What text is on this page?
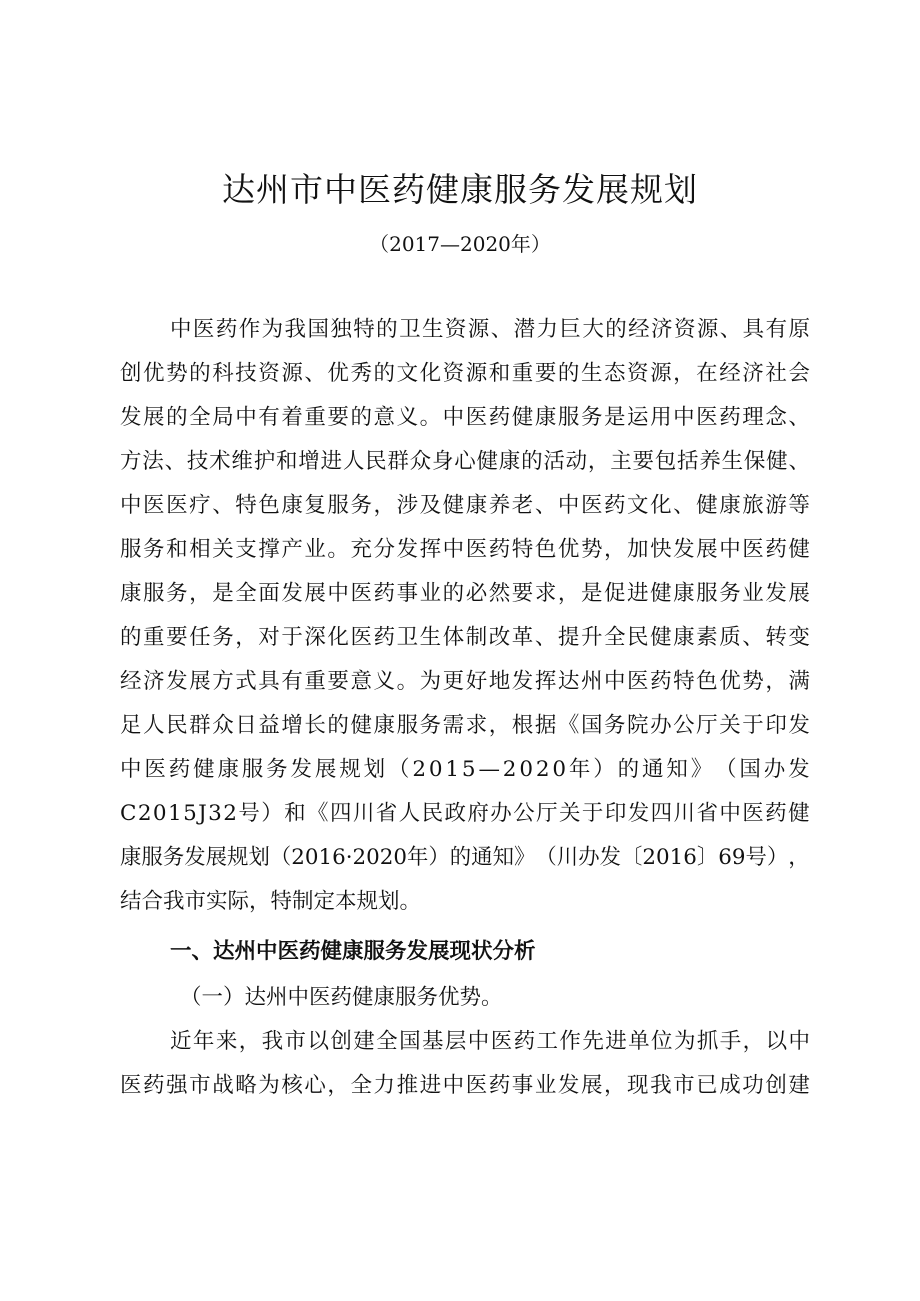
达州市中医药健康服务发展规划
（2017—2020年）
中 医 药 作 为 我 国 独 特 的 卫 生 资 源 、 潜 力 巨 大 的 经 济 资 源 、 具 有 原
创 优 势 的 科 技 资 源 、 优 秀 的 文 化 资 源 和 重 要 的 生 态 资 源 ， 在 经 济 社 会
发 展 的 全 局 中 有 着 重 要 的 意 义 。 中 医 药 健 康 服 务 是 运 用 中 医 药 理 念 、
方 法 、 技 术 维 护 和 增 进 人 民 群 众 身 心 健 康 的 活 动 ， 主 要 包 括 养 生 保 健 、
中 医 医 疗 、 特 色 康 复 服 务 ， 涉 及 健 康 养 老 、 中 医 药 文 化 、 健 康 旅 游 等
服 务 和 相 关 支 撑 产 业 。 充 分 发 挥 中 医 药 特 色 优 势 ， 加 快 发 展 中 医 药 健
康 服 务 ， 是 全 面 发 展 中 医 药 事 业 的 必 然 要 求 ， 是 促 进 健 康 服 务 业 发 展
的 重 要 任 务 ， 对 于 深 化 医 药 卫 生 体 制 改 革 、 提 升 全 民 健 康 素 质 、 转 变
经 济 发 展 方 式 具 有 重 要 意 义 。 为 更 好 地 发 挥 达 州 中 医 药 特 色 优 势 ， 满
足 人 民 群 众 日 益 增 长 的 健 康 服 务 需 求 ， 根 据 《 国 务 院 办 公 厅 关 于 印 发
中 医 药 健 康 服 务 发 展 规 划 （ 2 0 1 5 — 2 0 2 0 年 ） 的 通 知 》 （ 国 办 发
C 2 0 1 5 J 3 2 号 ） 和 《 四 川 省 人 民 政 府 办 公 厅 关 于 印 发 四 川 省 中 医 药 健
康 服 务 发 展 规 划 （ 2 0 1 6 · 2 0 2 0 年 ） 的 通 知 》 （ 川 办 发 〔 2 0 1 6 〕 6 9 号 ） ，
结合我市实际，特制定本规划。
一、达州中医药健康服务发展现状分析
（一）达州中医药健康服务优势。
近 年 来 ， 我 市 以 创 建 全 国 基 层 中 医 药 工 作 先 进 单 位 为 抓 手 ， 以 中
医 药 强 市 战 略 为 核 心 ， 全 力 推 进 中 医 药 事 业 发 展 ， 现 我 市 已 成 功 创 建
